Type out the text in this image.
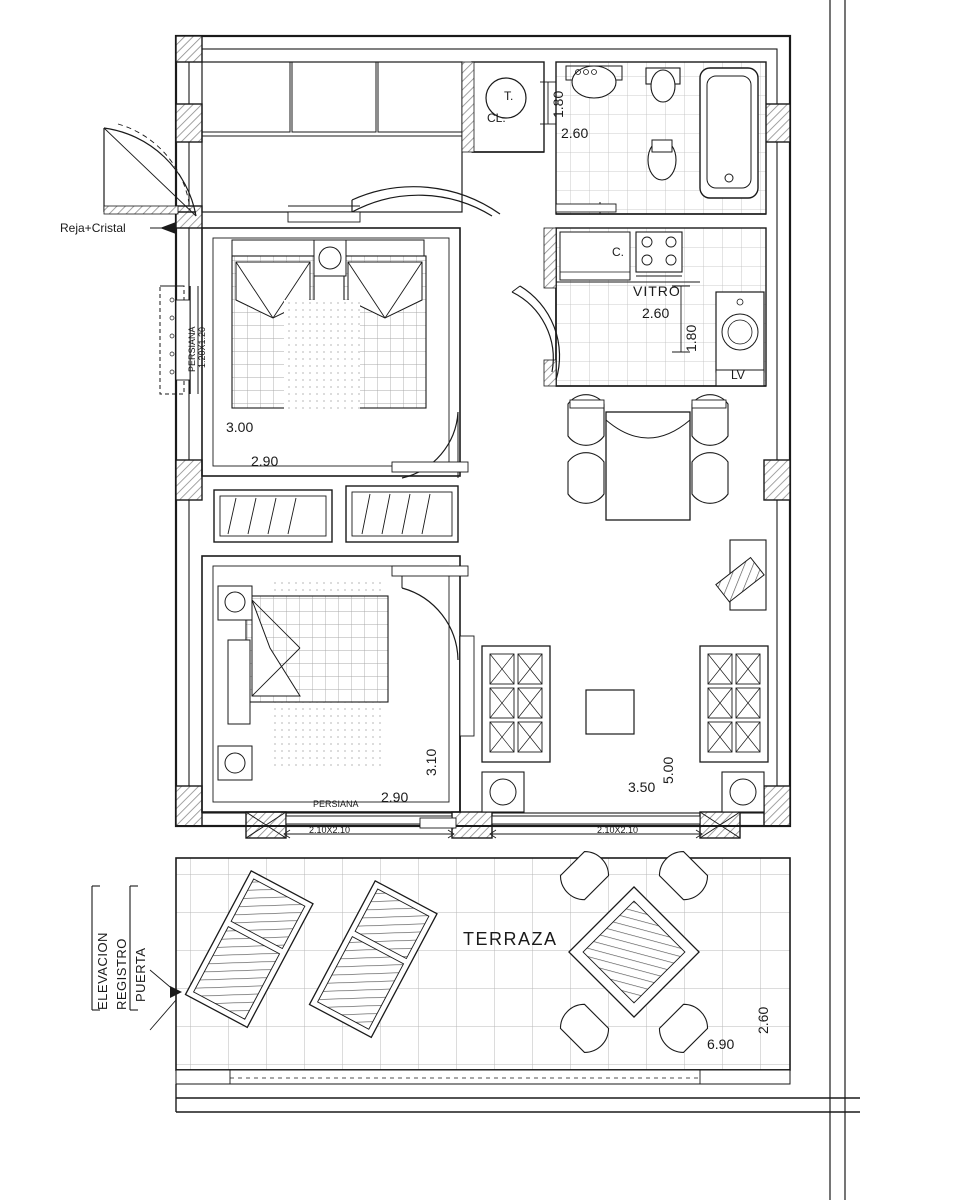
Reja+Cristal
T.
CL.	1.80
2.60
C.
VITRO
2.60
1.80
LV
3.00
2.90
3.10
2.90
5.00
3.50
2.60
6.90
1.20X1.20
PERSIANA
PERSIANA
2.10X2.10	2.10X2.10
TERRAZA
ELEVACION REGISTRO PUERTA
